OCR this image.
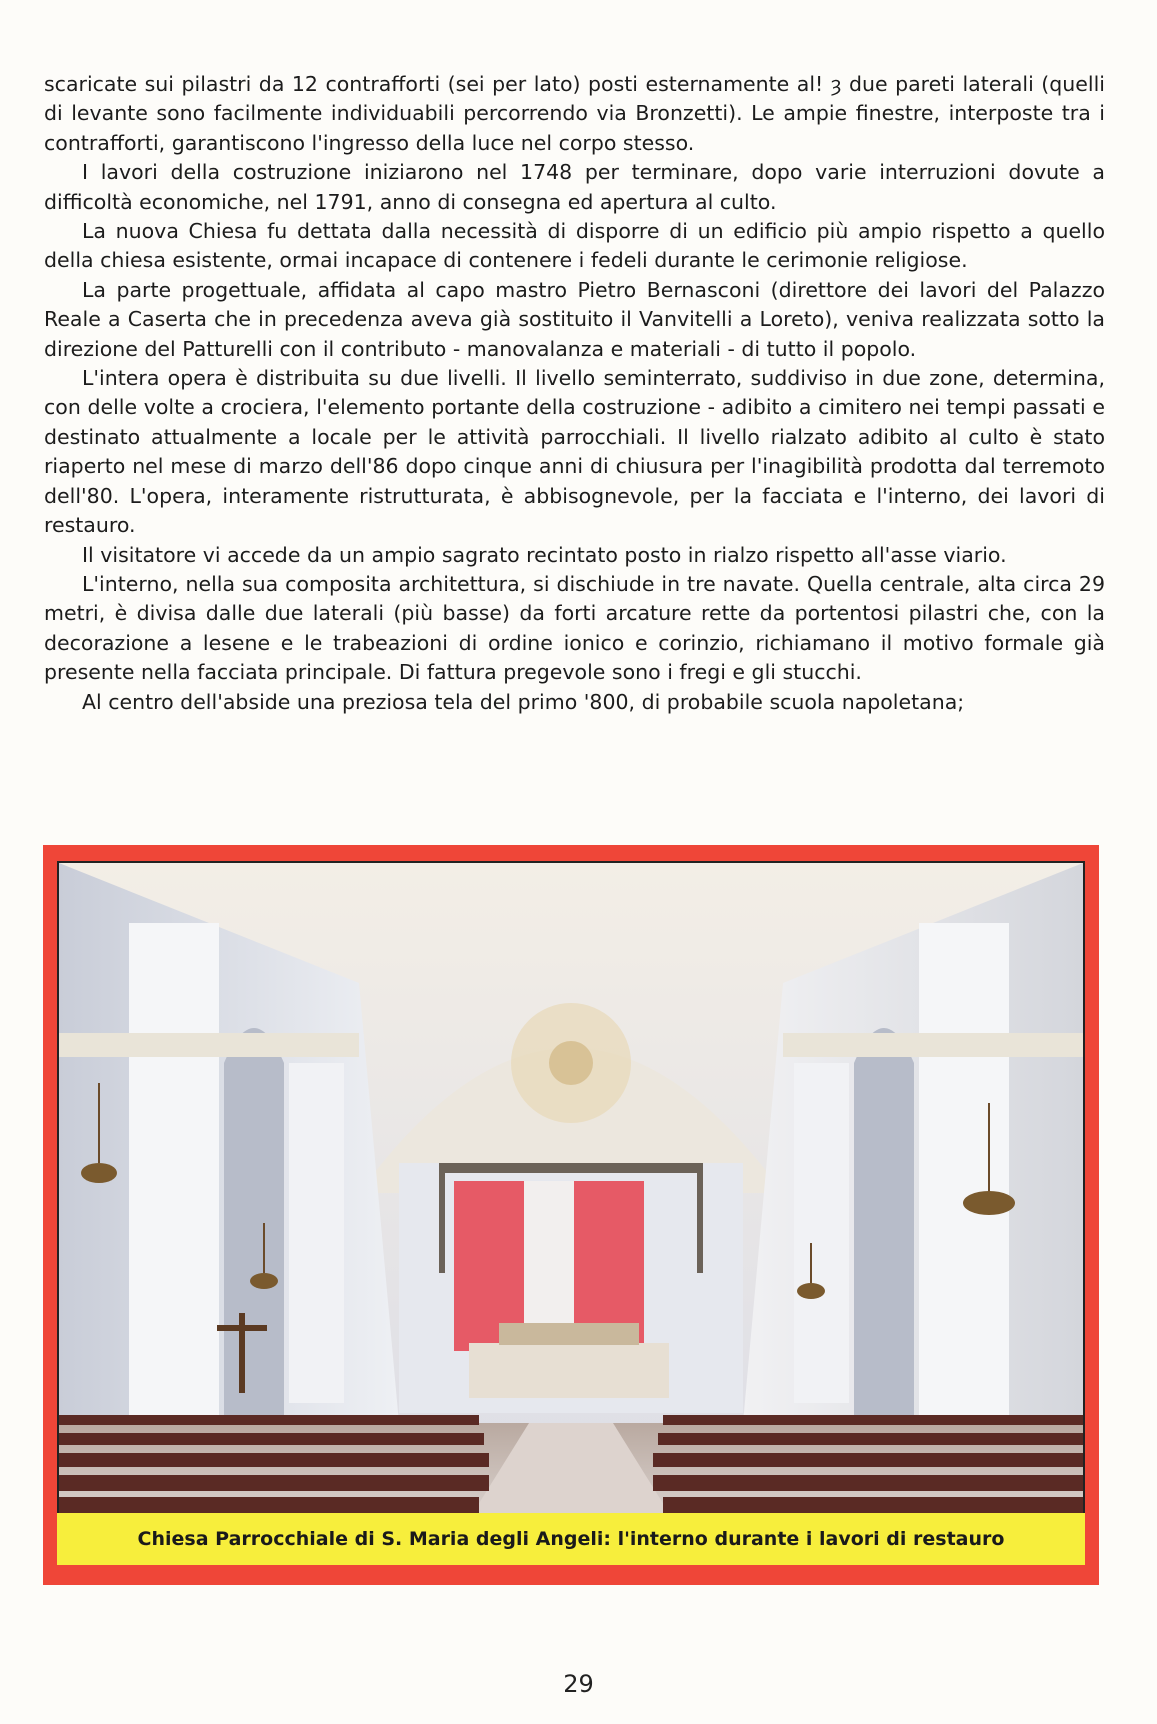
scaricate sui pilastri da 12 contrafforti (sei per lato) posti esternamente al! ȝ due pareti laterali (quelli di levante sono facilmente individuabili percorrendo via Bronzetti). Le ampie finestre, interposte tra i contrafforti, garantiscono l'ingresso della luce nel corpo stesso.

I lavori della costruzione iniziarono nel 1748 per terminare, dopo varie interruzioni dovute a difficoltà economiche, nel 1791, anno di consegna ed apertura al culto.

La nuova Chiesa fu dettata dalla necessità di disporre di un edificio più ampio rispetto a quello della chiesa esistente, ormai incapace di contenere i fedeli durante le cerimonie religiose.

La parte progettuale, affidata al capo mastro Pietro Bernasconi (direttore dei lavori del Palazzo Reale a Caserta che in precedenza aveva già sostituito il Vanvitelli a Loreto), veniva realizzata sotto la direzione del Patturelli con il contributo - manovalanza e materiali - di tutto il popolo.

L'intera opera è distribuita su due livelli. Il livello seminterrato, suddiviso in due zone, determina, con delle volte a crociera, l'elemento portante della costruzione - adibito a cimitero nei tempi passati e destinato attualmente a locale per le attività parrocchiali. Il livello rialzato adibito al culto è stato riaperto nel mese di marzo dell'86 dopo cinque anni di chiusura per l'inagibilità prodotta dal terremoto dell'80. L'opera, interamente ristrutturata, è abbisognevole, per la facciata e l'interno, dei lavori di restauro.

Il visitatore vi accede da un ampio sagrato recintato posto in rialzo rispetto all'asse viario.

L'interno, nella sua composita architettura, si dischiude in tre navate. Quella centrale, alta circa 29 metri, è divisa dalle due laterali (più basse) da forti arcature rette da portentosi pilastri che, con la decorazione a lesene e le trabeazioni di ordine ionico e corinzio, richiamano il motivo formale già presente nella facciata principale. Di fattura pregevole sono i fregi e gli stucchi.

Al centro dell'abside una preziosa tela del primo '800, di probabile scuola napoletana;

Chiesa Parrocchiale di S. Maria degli Angeli: l'interno durante i lavori di restauro
29
